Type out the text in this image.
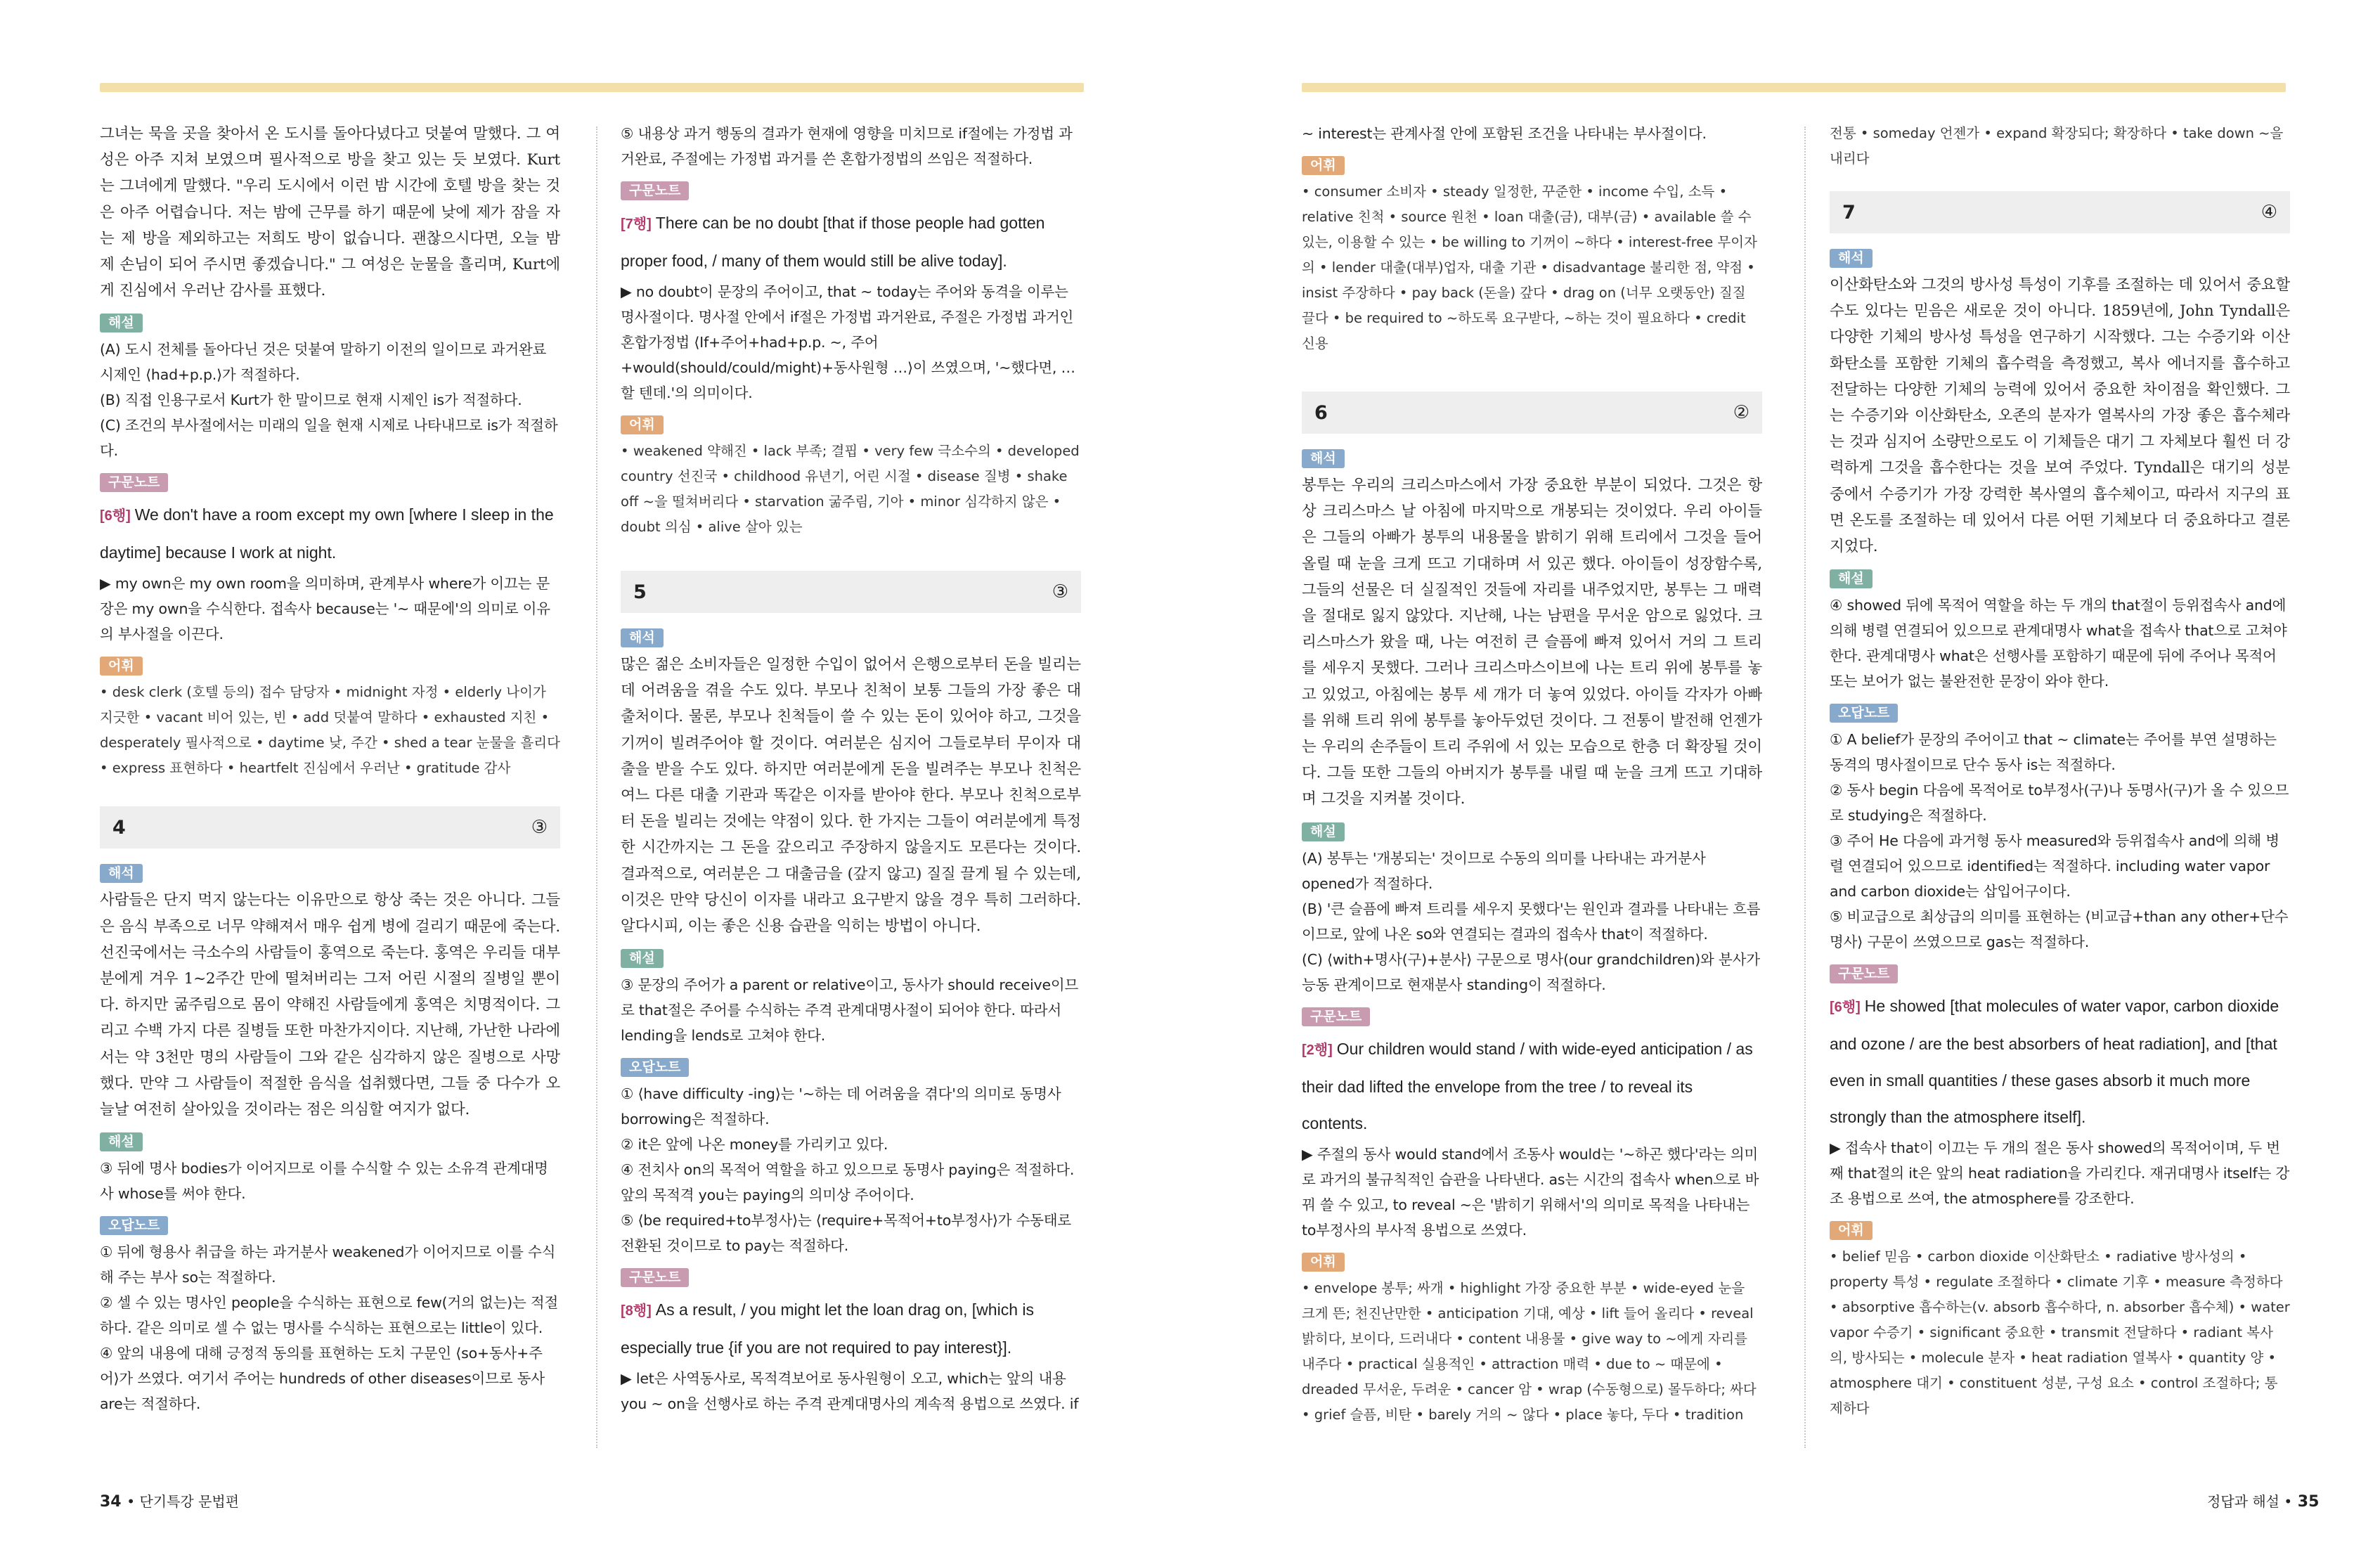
그녀는 묵을 곳을 찾아서 온 도시를 돌아다녔다고 덧붙여 말했다. 그 여성은 아주 지쳐 보였으며 필사적으로 방을 찾고 있는 듯 보였다. Kurt는 그녀에게 말했다. "우리 도시에서 이런 밤 시간에 호텔 방을 찾는 것은 아주 어렵습니다. 저는 밤에 근무를 하기 때문에 낮에 제가 잠을 자는 제 방을 제외하고는 저희도 방이 없습니다. 괜찮으시다면, 오늘 밤 제 손님이 되어 주시면 좋겠습니다." 그 여성은 눈물을 흘리며, Kurt에게 진심에서 우러난 감사를 표했다.

해설

(A) 도시 전체를 돌아다닌 것은 덧붙여 말하기 이전의 일이므로 과거완료 시제인 ⟨had+p.p.⟩가 적절하다.

(B) 직접 인용구로서 Kurt가 한 말이므로 현재 시제인 is가 적절하다.

(C) 조건의 부사절에서는 미래의 일을 현재 시제로 나타내므로 is가 적절하다.

구문노트

[6행] We don't have a room except my own [where I sleep in the daytime] because I work at night.

▶ my own은 my own room을 의미하며, 관계부사 where가 이끄는 문장은 my own을 수식한다. 접속사 because는 '~ 때문에'의 의미로 이유의 부사절을 이끈다.

어휘

• desk clerk (호텔 등의) 접수 담당자 • midnight 자정 • elderly 나이가 지긋한 • vacant 비어 있는, 빈 • add 덧붙여 말하다 • exhausted 지친 • desperately 필사적으로 • daytime 낮, 주간 • shed a tear 눈물을 흘리다 • express 표현하다 • heartfelt 진심에서 우러난 • gratitude 감사

4	③
해석

사람들은 단지 먹지 않는다는 이유만으로 항상 죽는 것은 아니다. 그들은 음식 부족으로 너무 약해져서 매우 쉽게 병에 걸리기 때문에 죽는다. 선진국에서는 극소수의 사람들이 홍역으로 죽는다. 홍역은 우리들 대부분에게 겨우 1~2주간 만에 떨쳐버리는 그저 어린 시절의 질병일 뿐이다. 하지만 굶주림으로 몸이 약해진 사람들에게 홍역은 치명적이다. 그리고 수백 가지 다른 질병들 또한 마찬가지이다. 지난해, 가난한 나라에서는 약 3천만 명의 사람들이 그와 같은 심각하지 않은 질병으로 사망했다. 만약 그 사람들이 적절한 음식을 섭취했다면, 그들 중 다수가 오늘날 여전히 살아있을 것이라는 점은 의심할 여지가 없다.

해설

③ 뒤에 명사 bodies가 이어지므로 이를 수식할 수 있는 소유격 관계대명사 whose를 써야 한다.

오답노트

① 뒤에 형용사 취급을 하는 과거분사 weakened가 이어지므로 이를 수식해 주는 부사 so는 적절하다.

② 셀 수 있는 명사인 people을 수식하는 표현으로 few(거의 없는)는 적절하다. 같은 의미로 셀 수 없는 명사를 수식하는 표현으로는 little이 있다.

④ 앞의 내용에 대해 긍정적 동의를 표현하는 도치 구문인 ⟨so+동사+주어⟩가 쓰였다. 여기서 주어는 hundreds of other diseases이므로 동사 are는 적절하다.

⑤ 내용상 과거 행동의 결과가 현재에 영향을 미치므로 if절에는 가정법 과거완료, 주절에는 가정법 과거를 쓴 혼합가정법의 쓰임은 적절하다.

구문노트

[7행] There can be no doubt [that if those people had gotten proper food, / many of them would still be alive today].

▶ no doubt이 문장의 주어이고, that ~ today는 주어와 동격을 이루는 명사절이다. 명사절 안에서 if절은 가정법 과거완료, 주절은 가정법 과거인 혼합가정법 ⟨If+주어+had+p.p. ~, 주어+would(should/could/might)+동사원형 …⟩이 쓰였으며, '~했다면, …할 텐데.'의 의미이다.

어휘

• weakened 약해진 • lack 부족; 결핍 • very few 극소수의 • developed country 선진국 • childhood 유년기, 어린 시절 • disease 질병 • shake off ~을 떨쳐버리다 • starvation 굶주림, 기아 • minor 심각하지 않은 • doubt 의심 • alive 살아 있는

5	③
해석

많은 젊은 소비자들은 일정한 수입이 없어서 은행으로부터 돈을 빌리는 데 어려움을 겪을 수도 있다. 부모나 친척이 보통 그들의 가장 좋은 대출처이다. 물론, 부모나 친척들이 쓸 수 있는 돈이 있어야 하고, 그것을 기꺼이 빌려주어야 할 것이다. 여러분은 심지어 그들로부터 무이자 대출을 받을 수도 있다. 하지만 여러분에게 돈을 빌려주는 부모나 친척은 여느 다른 대출 기관과 똑같은 이자를 받아야 한다. 부모나 친척으로부터 돈을 빌리는 것에는 약점이 있다. 한 가지는 그들이 여러분에게 특정한 시간까지는 그 돈을 갚으리고 주장하지 않을지도 모른다는 것이다. 결과적으로, 여러분은 그 대출금을 (갚지 않고) 질질 끌게 될 수 있는데, 이것은 만약 당신이 이자를 내라고 요구받지 않을 경우 특히 그러하다. 알다시피, 이는 좋은 신용 습관을 익히는 방법이 아니다.

해설

③ 문장의 주어가 a parent or relative이고, 동사가 should receive이므로 that절은 주어를 수식하는 주격 관계대명사절이 되어야 한다. 따라서 lending을 lends로 고쳐야 한다.

오답노트

① ⟨have difficulty -ing⟩는 '~하는 데 어려움을 겪다'의 의미로 동명사 borrowing은 적절하다.

② it은 앞에 나온 money를 가리키고 있다.

④ 전치사 on의 목적어 역할을 하고 있으므로 동명사 paying은 적절하다. 앞의 목적격 you는 paying의 의미상 주어이다.

⑤ ⟨be required+to부정사⟩는 ⟨require+목적어+to부정사⟩가 수동태로 전환된 것이므로 to pay는 적절하다.

구문노트

[8행] As a result, / you might let the loan drag on, [which is especially true {if you are not required to pay interest}].

▶ let은 사역동사로, 목적격보어로 동사원형이 오고, which는 앞의 내용 you ~ on을 선행사로 하는 주격 관계대명사의 계속적 용법으로 쓰였다. if

~ interest는 관계사절 안에 포함된 조건을 나타내는 부사절이다.

어휘

• consumer 소비자 • steady 일정한, 꾸준한 • income 수입, 소득 • relative 친척 • source 원천 • loan 대출(금), 대부(금) • available 쓸 수 있는, 이용할 수 있는 • be willing to 기꺼이 ~하다 • interest-free 무이자의 • lender 대출(대부)업자, 대출 기관 • disadvantage 불리한 점, 약점 • insist 주장하다 • pay back (돈을) 갚다 • drag on (너무 오랫동안) 질질 끌다 • be required to ~하도록 요구받다, ~하는 것이 필요하다 • credit 신용

6	②
해석

봉투는 우리의 크리스마스에서 가장 중요한 부분이 되었다. 그것은 항상 크리스마스 날 아침에 마지막으로 개봉되는 것이었다. 우리 아이들은 그들의 아빠가 봉투의 내용물을 밝히기 위해 트리에서 그것을 들어 올릴 때 눈을 크게 뜨고 기대하며 서 있곤 했다. 아이들이 성장함수록, 그들의 선물은 더 실질적인 것들에 자리를 내주었지만, 봉투는 그 매력을 절대로 잃지 않았다. 지난해, 나는 남편을 무서운 암으로 잃었다. 크리스마스가 왔을 때, 나는 여전히 큰 슬픔에 빠져 있어서 거의 그 트리를 세우지 못했다. 그러나 크리스마스이브에 나는 트리 위에 봉투를 놓고 있었고, 아침에는 봉투 세 개가 더 놓여 있었다. 아이들 각자가 아빠를 위해 트리 위에 봉투를 놓아두었던 것이다. 그 전통이 발전해 언젠가는 우리의 손주들이 트리 주위에 서 있는 모습으로 한층 더 확장될 것이다. 그들 또한 그들의 아버지가 봉투를 내릴 때 눈을 크게 뜨고 기대하며 그것을 지켜볼 것이다.

해설

(A) 봉투는 '개봉되는' 것이므로 수동의 의미를 나타내는 과거분사 opened가 적절하다.

(B) '큰 슬픔에 빠져 트리를 세우지 못했다'는 원인과 결과를 나타내는 흐름이므로, 앞에 나온 so와 연결되는 결과의 접속사 that이 적절하다.

(C) ⟨with+명사(구)+분사⟩ 구문으로 명사(our grandchildren)와 분사가 능동 관계이므로 현재분사 standing이 적절하다.

구문노트

[2행] Our children would stand / with wide-eyed anticipation / as their dad lifted the envelope from the tree / to reveal its contents.

▶ 주절의 동사 would stand에서 조동사 would는 '~하곤 했다'라는 의미로 과거의 불규칙적인 습관을 나타낸다. as는 시간의 접속사 when으로 바꿔 쓸 수 있고, to reveal ~은 '밝히기 위해서'의 의미로 목적을 나타내는 to부정사의 부사적 용법으로 쓰였다.

어휘

• envelope 봉투; 싸개 • highlight 가장 중요한 부분 • wide-eyed 눈을 크게 뜬; 천진난만한 • anticipation 기대, 예상 • lift 들어 올리다 • reveal 밝히다, 보이다, 드러내다 • content 내용물 • give way to ~에게 자리를 내주다 • practical 실용적인 • attraction 매력 • due to ~ 때문에 • dreaded 무서운, 두려운 • cancer 암 • wrap (수동형으로) 몰두하다; 싸다 • grief 슬픔, 비탄 • barely 거의 ~ 않다 • place 놓다, 두다 • tradition

전통 • someday 언젠가 • expand 확장되다; 확장하다 • take down ~을 내리다

7	④
해석

이산화탄소와 그것의 방사성 특성이 기후를 조절하는 데 있어서 중요할 수도 있다는 믿음은 새로운 것이 아니다. 1859년에, John Tyndall은 다양한 기체의 방사성 특성을 연구하기 시작했다. 그는 수증기와 이산화탄소를 포함한 기체의 흡수력을 측정했고, 복사 에너지를 흡수하고 전달하는 다양한 기체의 능력에 있어서 중요한 차이점을 확인했다. 그는 수증기와 이산화탄소, 오존의 분자가 열복사의 가장 좋은 흡수체라는 것과 심지어 소량만으로도 이 기체들은 대기 그 자체보다 훨씬 더 강력하게 그것을 흡수한다는 것을 보여 주었다. Tyndall은 대기의 성분 중에서 수증기가 가장 강력한 복사열의 흡수체이고, 따라서 지구의 표면 온도를 조절하는 데 있어서 다른 어떤 기체보다 더 중요하다고 결론지었다.

해설

④ showed 뒤에 목적어 역할을 하는 두 개의 that절이 등위접속사 and에 의해 병렬 연결되어 있으므로 관계대명사 what을 접속사 that으로 고쳐야 한다. 관계대명사 what은 선행사를 포함하기 때문에 뒤에 주어나 목적어 또는 보어가 없는 불완전한 문장이 와야 한다.

오답노트

① A belief가 문장의 주어이고 that ~ climate는 주어를 부연 설명하는 동격의 명사절이므로 단수 동사 is는 적절하다.

② 동사 begin 다음에 목적어로 to부정사(구)나 동명사(구)가 올 수 있으므로 studying은 적절하다.

③ 주어 He 다음에 과거형 동사 measured와 등위접속사 and에 의해 병렬 연결되어 있으므로 identified는 적절하다. including water vapor and carbon dioxide는 삽입어구이다.

⑤ 비교급으로 최상급의 의미를 표현하는 ⟨비교급+than any other+단수 명사⟩ 구문이 쓰였으므로 gas는 적절하다.

구문노트

[6행] He showed [that molecules of water vapor, carbon dioxide and ozone / are the best absorbers of heat radiation], and [that even in small quantities / these gases absorb it much more strongly than the atmosphere itself].

▶ 접속사 that이 이끄는 두 개의 절은 동사 showed의 목적어이며, 두 번째 that절의 it은 앞의 heat radiation을 가리킨다. 재귀대명사 itself는 강조 용법으로 쓰여, the atmosphere를 강조한다.

어휘

• belief 믿음 • carbon dioxide 이산화탄소 • radiative 방사성의 • property 특성 • regulate 조절하다 • climate 기후 • measure 측정하다 • absorptive 흡수하는(v. absorb 흡수하다, n. absorber 흡수체) • water vapor 수증기 • significant 중요한 • transmit 전달하다 • radiant 복사의, 방사되는 • molecule 분자 • heat radiation 열복사 • quantity 양 • atmosphere 대기 • constituent 성분, 구성 요소 • control 조절하다; 통제하다

34 • 단기특강 문법편	정답과 해설 • 35
